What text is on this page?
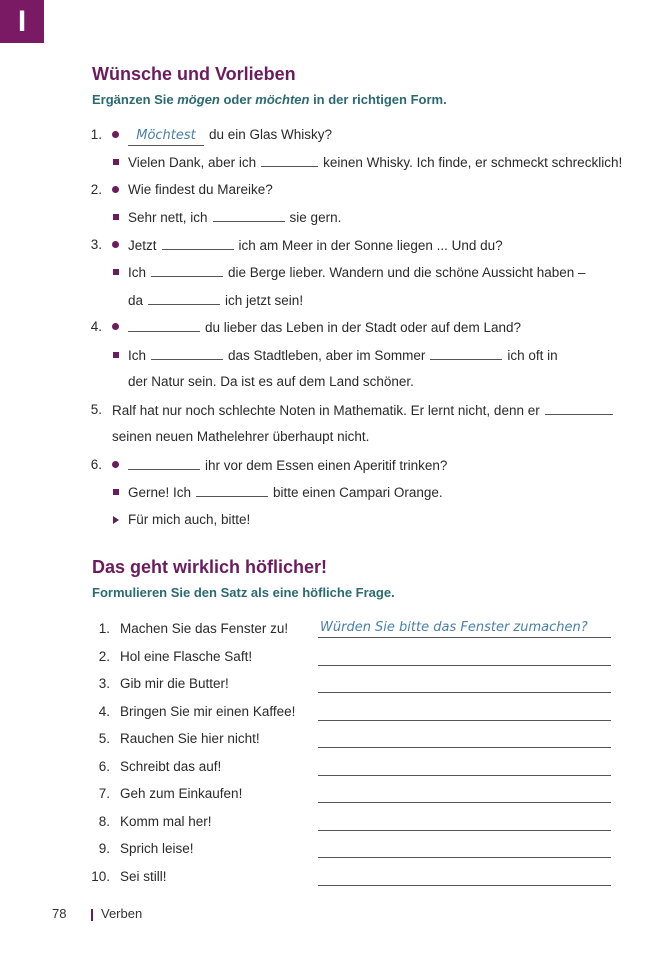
I
Wünsche und Vorlieben
Ergänzen Sie mögen oder möchten in der richtigen Form.
1.	Möchtest du ein Glas Whisky?
Vielen Dank, aber ich	keinen Whisky. Ich finde, er schmeckt schrecklich!
2. Wie findest du Mareike?
Sehr nett, ich	sie gern.
3. Jetzt	ich am Meer in der Sonne liegen ... Und du?
Ich	die Berge lieber. Wandern und die schöne Aussicht haben –
da	ich jetzt sein!
4.	du lieber das Leben in der Stadt oder auf dem Land?
Ich	das Stadtleben, aber im Sommer	ich oft in
der Natur sein. Da ist es auf dem Land schöner.
5. Ralf hat nur noch schlechte Noten in Mathematik. Er lernt nicht, denn er
seinen neuen Mathelehrer überhaupt nicht.
6.	ihr vor dem Essen einen Aperitif trinken?
Gerne! Ich	bitte einen Campari Orange.
Für mich auch, bitte!
Das geht wirklich höflicher!
Formulieren Sie den Satz als eine höfliche Frage.
1. Machen Sie das Fenster zu! Würden Sie bitte das Fenster zumachen?
2. Hol eine Flasche Saft!
3. Gib mir die Butter!
4. Bringen Sie mir einen Kaffee!
5. Rauchen Sie hier nicht!
6. Schreibt das auf!
7. Geh zum Einkaufen!
8. Komm mal her!
9. Sprich leise!
10. Sei still!
78	Verben
